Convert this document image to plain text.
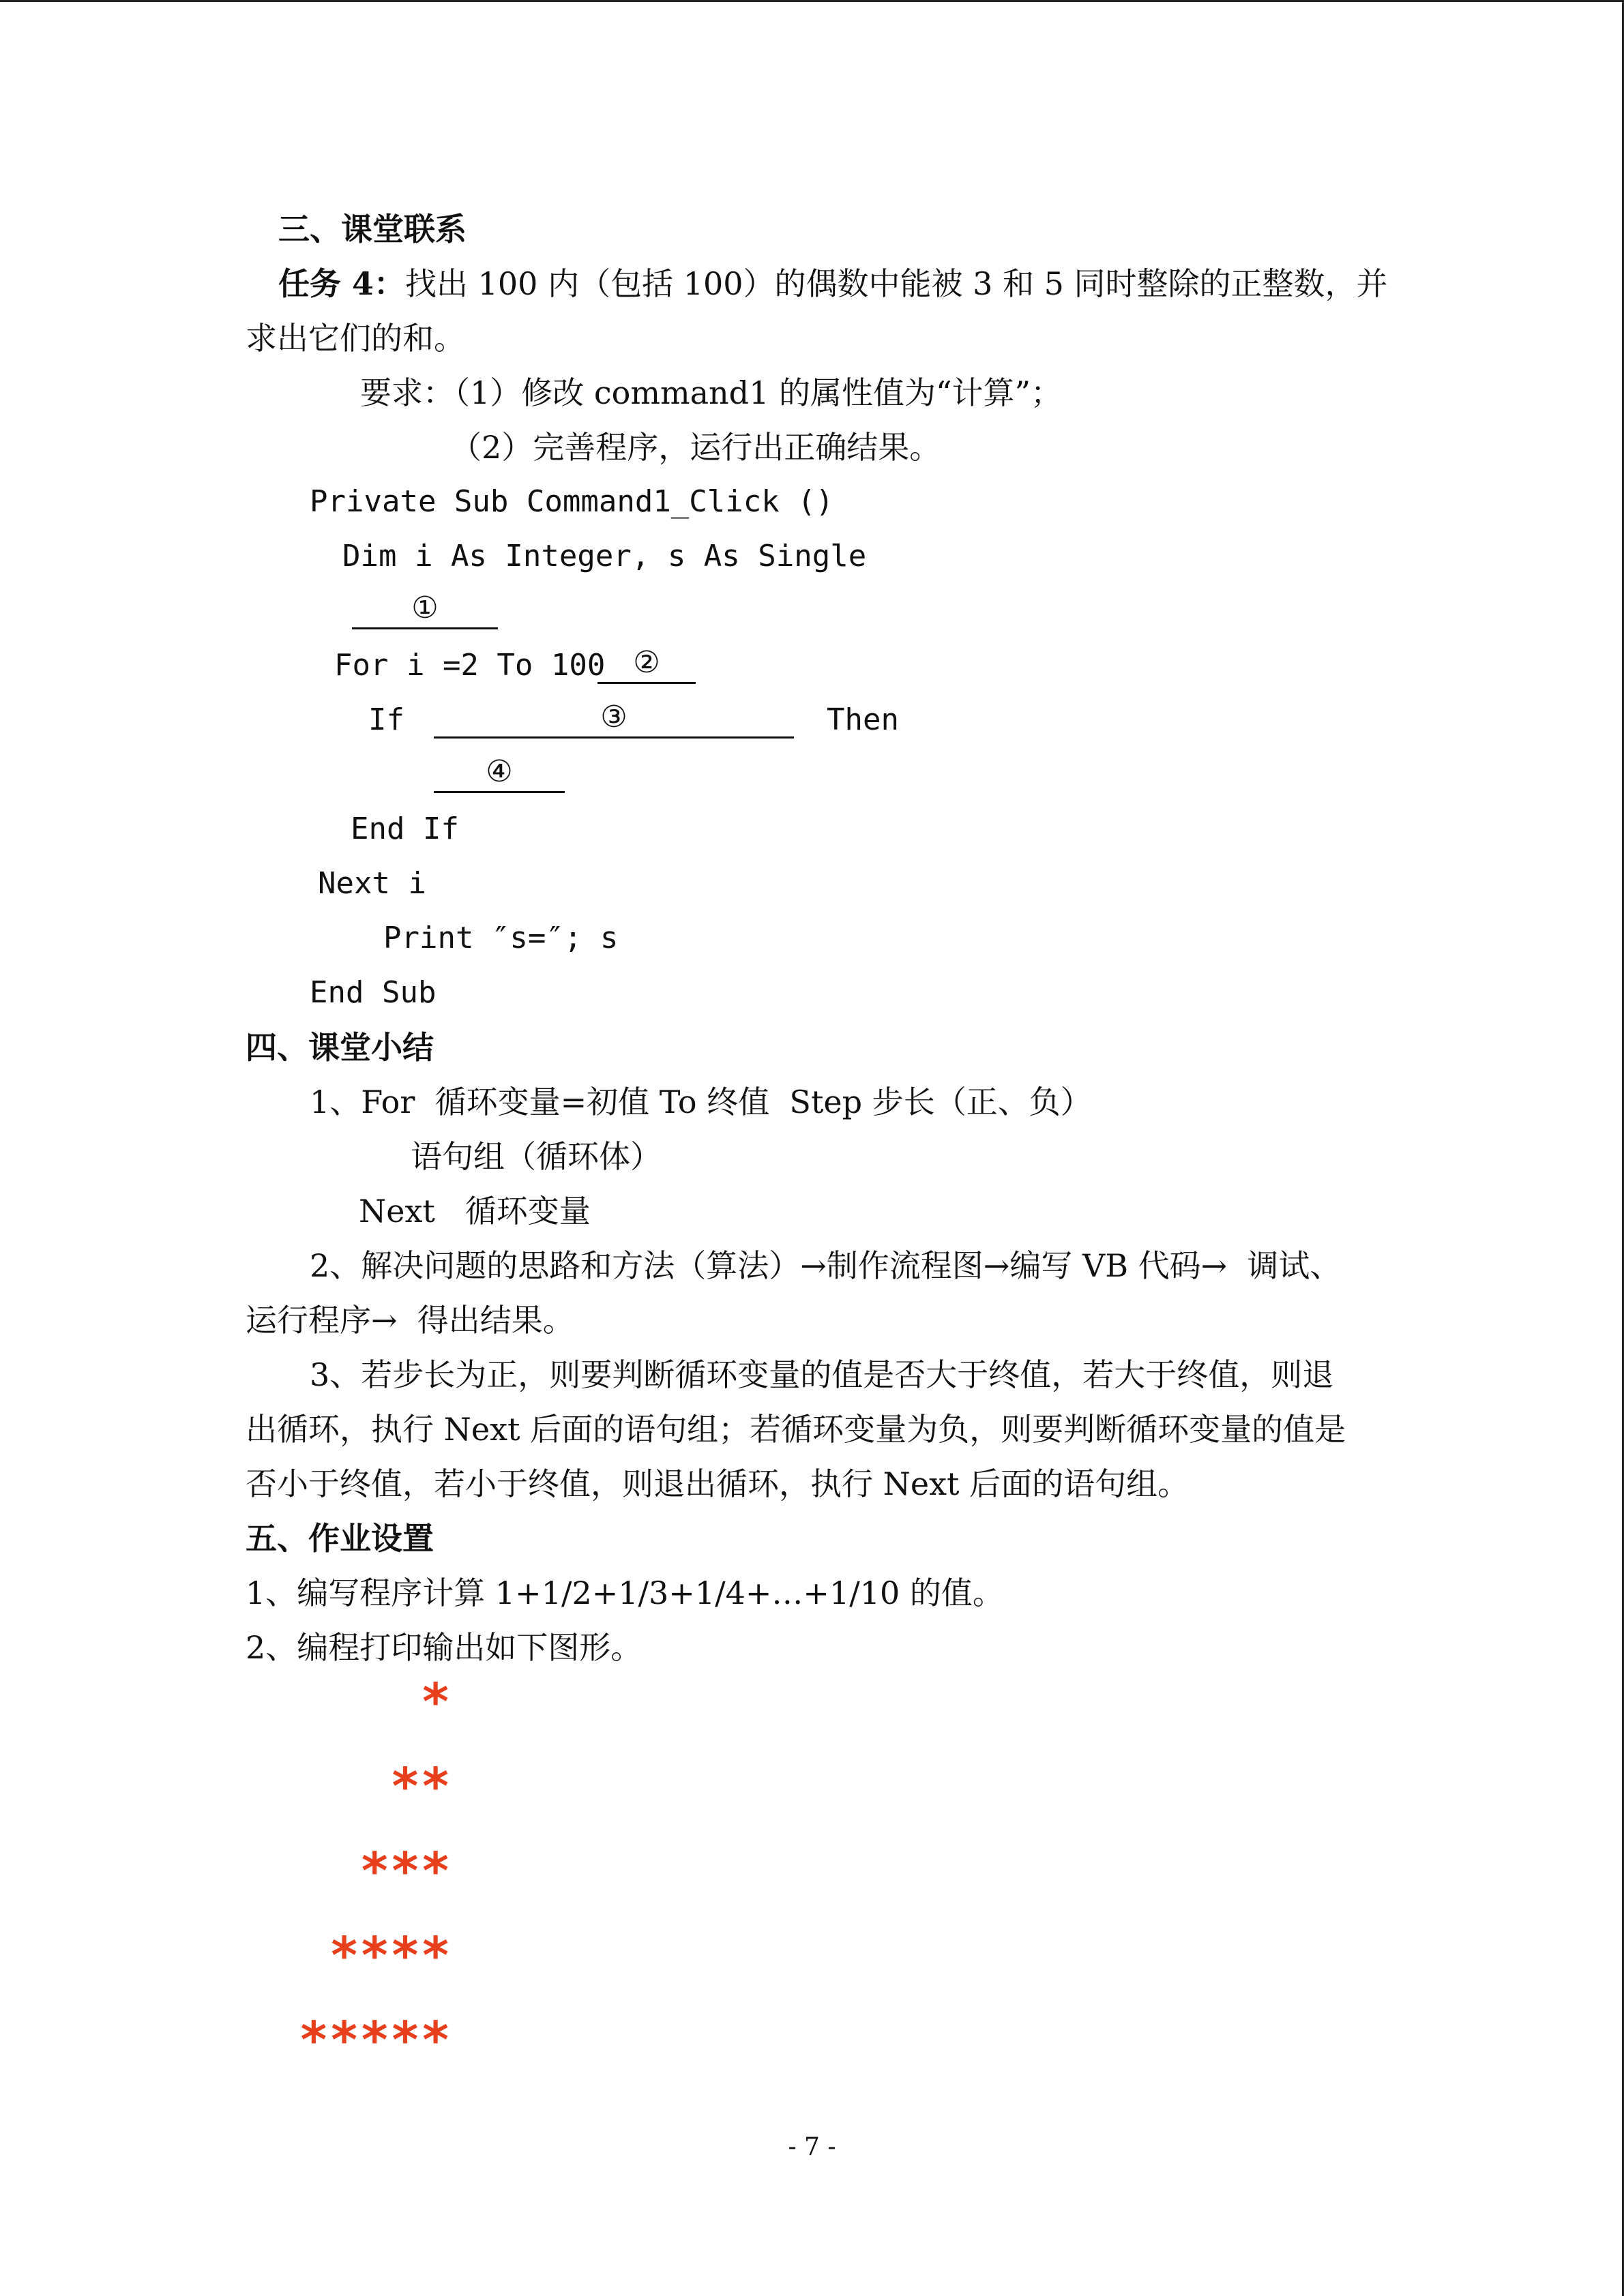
三、课堂联系
任务 4：找出 100 内（包括 100）的偶数中能被 3 和 5 同时整除的正整数，并
求出它们的和。
要求：（1）修改 command1 的属性值为“计算”；
（2）完善程序，运行出正确结果。
Private Sub Command1_Click ()
Dim i As Integer, s As Single
①
For i =2 To 100 ②
If	③	Then
④
End If
Next i
Print ″s=″; s
End Sub
四、课堂小结
1、For  循环变量=初值 To 终值  Step 步长（正、负）
语句组（循环体）
Next   循环变量
2、解决问题的思路和方法（算法）→制作流程图→编写 VB 代码→  调试、
运行程序→  得出结果。
3、若步长为正，则要判断循环变量的值是否大于终值，若大于终值，则退
出循环，执行 Next 后面的语句组；若循环变量为负，则要判断循环变量的值是
否小于终值，若小于终值，则退出循环，执行 Next 后面的语句组。
五、作业设置
1、编写程序计算 1+1/2+1/3+1/4+…+1/10 的值。
2、编程打印输出如下图形。
*
**
***
****
*****
- 7 -
